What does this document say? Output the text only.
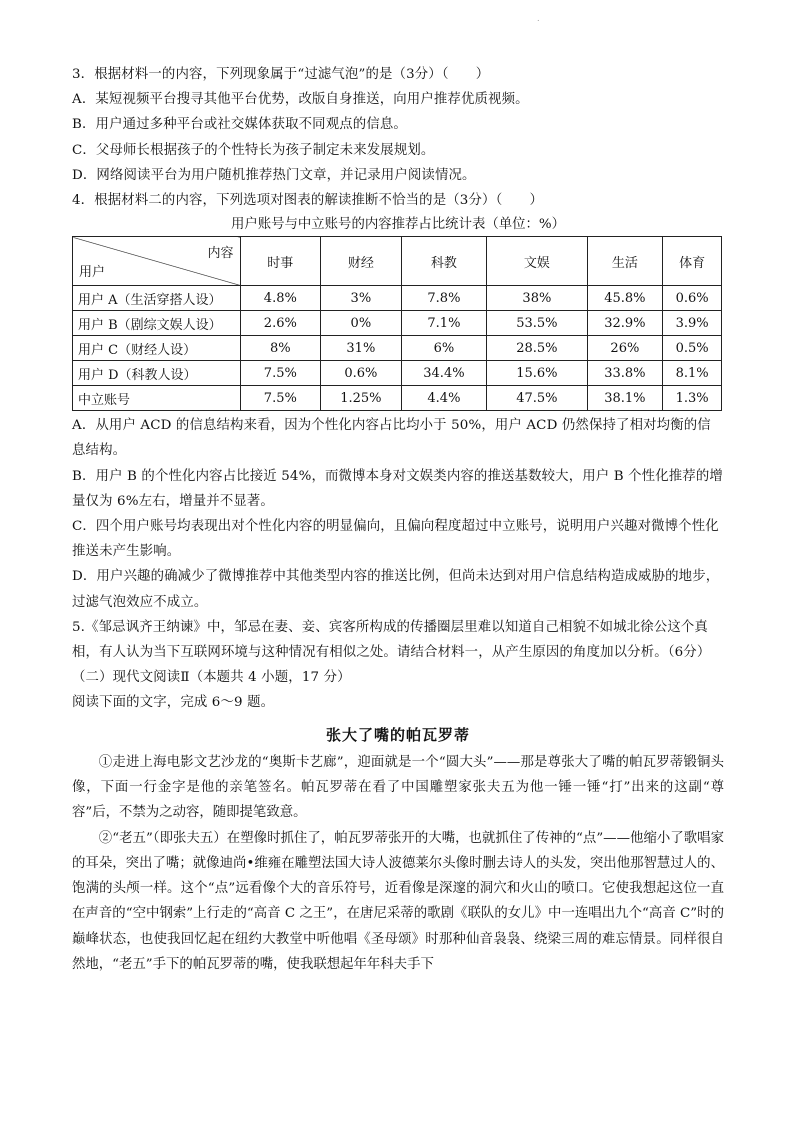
.
3．根据材料一的内容，下列现象属于“过滤气泡”的是（3分）（　　）
A．某短视频平台搜寻其他平台优势，改版自身推送，向用户推荐优质视频。
B．用户通过多种平台或社交媒体获取不同观点的信息。
C．父母师长根据孩子的个性特长为孩子制定未来发展规划。
D．网络阅读平台为用户随机推荐热门文章，并记录用户阅读情况。
4．根据材料二的内容，下列选项对图表的解读推断不恰当的是（3分）（　　）
用户账号与中立账号的内容推荐占比统计表（单位：%）
内容
用户	时事	财经	科教	文娱	生活	体育
用户 A（生活穿搭人设）	4.8%	3%	7.8%	38%	45.8%	0.6%
用户 B（剧综文娱人设）	2.6%	0%	7.1%	53.5%	32.9%	3.9%
用户 C（财经人设）	8%	31%	6%	28.5%	26%	0.5%
用户 D（科教人设）	7.5%	0.6%	34.4%	15.6%	33.8%	8.1%
中立账号	7.5%	1.25%	4.4%	47.5%	38.1%	1.3%
A．从用户 ACD 的信息结构来看，因为个性化内容占比均小于 50%，用户 ACD 仍然保持了相对均衡的信息结构。
B．用户 B 的个性化内容占比接近 54%，而微博本身对文娱类内容的推送基数较大，用户 B 个性化推荐的增量仅为 6%左右，增量并不显著。
C．四个用户账号均表现出对个性化内容的明显偏向，且偏向程度超过中立账号，说明用户兴趣对微博个性化推送未产生影响。
D．用户兴趣的确减少了微博推荐中其他类型内容的推送比例，但尚未达到对用户信息结构造成威胁的地步，过滤气泡效应不成立。
5.《邹忌讽齐王纳谏》中，邹忌在妻、妾、宾客所构成的传播圈层里难以知道自己相貌不如城北徐公这个真相，有人认为当下互联网环境与这种情况有相似之处。请结合材料一，从产生原因的角度加以分析。（6分）
（二）现代文阅读Ⅱ（本题共 4 小题，17 分）
阅读下面的文字，完成 6～9 题。
张大了嘴的帕瓦罗蒂
①走进上海电影文艺沙龙的“奥斯卡艺廊”，迎面就是一个“圆大头”——那是尊张大了嘴的帕瓦罗蒂锻铜头像，下面一行金字是他的亲笔签名。帕瓦罗蒂在看了中国雕塑家张夫五为他一锤一锤“打”出来的这副“尊容”后，不禁为之动容，随即提笔致意。
②“老五”（即张夫五）在塑像时抓住了，帕瓦罗蒂张开的大嘴，也就抓住了传神的“点”——他缩小了歌唱家的耳朵，突出了嘴；就像迪尚•维雍在雕塑法国大诗人波德莱尔头像时删去诗人的头发，突出他那智慧过人的、饱满的头颅一样。这个“点”远看像个大的音乐符号，近看像是深邃的洞穴和火山的喷口。它使我想起这位一直在声音的“空中钢索”上行走的“高音 C 之王”，在唐尼采蒂的歌剧《联队的女儿》中一连唱出九个“高音 C”时的巅峰状态，也使我回忆起在纽约大教堂中听他唱《圣母颂》时那种仙音袅袅、绕梁三周的难忘情景。同样很自然地，“老五”手下的帕瓦罗蒂的嘴，使我联想起年年科夫手下
